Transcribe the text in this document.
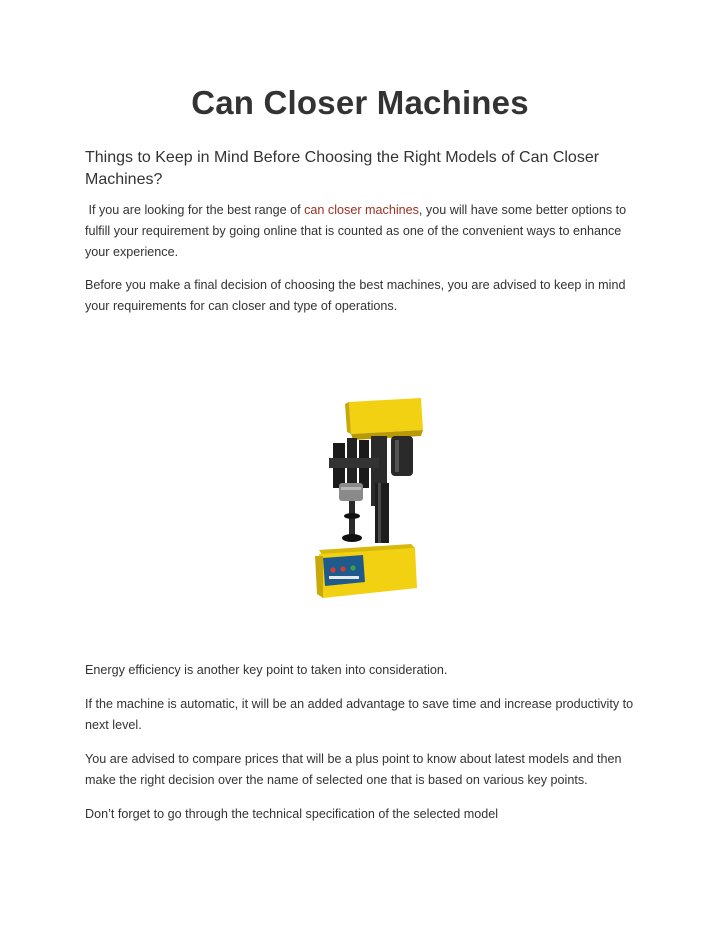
Can Closer Machines
Things to Keep in Mind Before Choosing the Right Models of Can Closer Machines?

If you are looking for the best range of can closer machines, you will have some better options to fulfill your requirement by going online that is counted as one of the convenient ways to enhance your experience.

Before you make a final decision of choosing the best machines, you are advised to keep in mind your requirements for can closer and type of operations.

Energy efficiency is another key point to taken into consideration.

If the machine is automatic, it will be an added advantage to save time and increase productivity to next level.

You are advised to compare prices that will be a plus point to know about latest models and then make the right decision over the name of selected one that is based on various key points.

Don’t forget to go through the technical specification of the selected model
